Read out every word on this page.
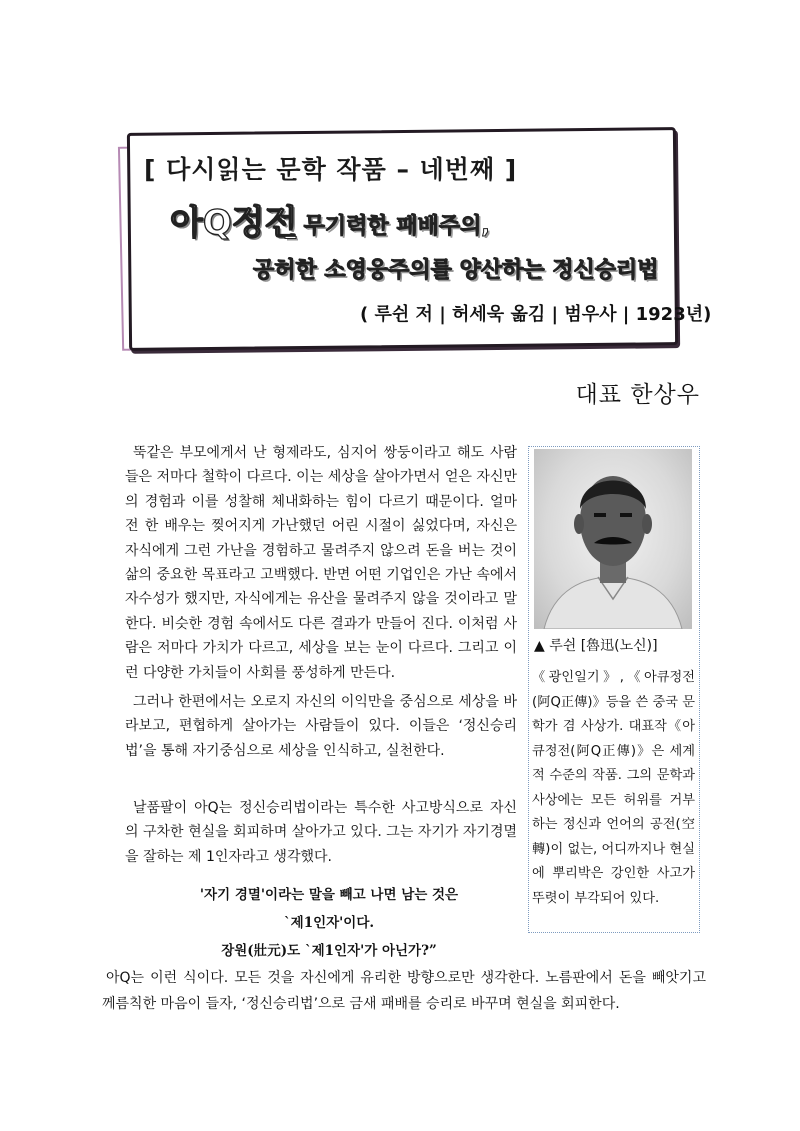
[ 다시읽는 문학 작품 – 네번째 ]
아Q정전
_ 무기력한 패배주의,
공허한 소영웅주의를 양산하는 정신승리법
( 루쉰 저 | 허세욱 옮김 | 범우사 | 1923년)
대표 한상우

뚝같은 부모에게서 난 형제라도, 심지어 쌍둥이라고 해도 사람들은 저마다 철학이 다르다. 이는 세상을 살아가면서 얻은 자신만의 경험과 이를 성찰해 체내화하는 힘이 다르기 때문이다. 얼마 전 한 배우는 찢어지게 가난했던 어린 시절이 싫었다며, 자신은 자식에게 그런 가난을 경험하고 물려주지 않으려 돈을 버는 것이 삶의 중요한 목표라고 고백했다. 반면 어떤 기업인은 가난 속에서 자수성가 했지만, 자식에게는 유산을 물려주지 않을 것이라고 말한다. 비슷한 경험 속에서도 다른 결과가 만들어 진다. 이처럼 사람은 저마다 가치가 다르고, 세상을 보는 눈이 다르다. 그리고 이런 다양한 가치들이 사회를 풍성하게 만든다.

그러나 한편에서는 오로지 자신의 이익만을 중심으로 세상을 바라보고, 편협하게 살아가는 사람들이 있다. 이들은 ‘정신승리법’을 통해 자기중심으로 세상을 인식하고, 실천한다.

날품팔이 아Q는 정신승리법이라는 특수한 사고방식으로 자신의 구차한 현실을 회피하며 살아가고 있다. 그는 자기가 자기경멸을 잘하는 제 1인자라고 생각했다.

'자기 경멸'이라는 말을 빼고 나면 남는 것은
`제1인자'이다.
장원(壯元)도 `제1인자'가 아닌가?”

아Q는 이런 식이다. 모든 것을 자신에게 유리한 방향으로만 생각한다. 노름판에서 돈을 빼앗기고 께름칙한 마음이 들자, ‘정신승리법’으로 금새 패배를 승리로 바꾸며 현실을 회피한다.

▲ 루쉰 [魯迅(노신)]

《광인일기》,《아큐정전(阿Q正傳)》등을 쓴 중국 문학가 겸 사상가. 대표작《아큐정전(阿Q正傳)》은 세계적 수준의 작품. 그의 문학과 사상에는 모든 허위를 거부하는 정신과 언어의 공전(空轉)이 없는, 어디까지나 현실에 뿌리박은 강인한 사고가 뚜렷이 부각되어 있다.
